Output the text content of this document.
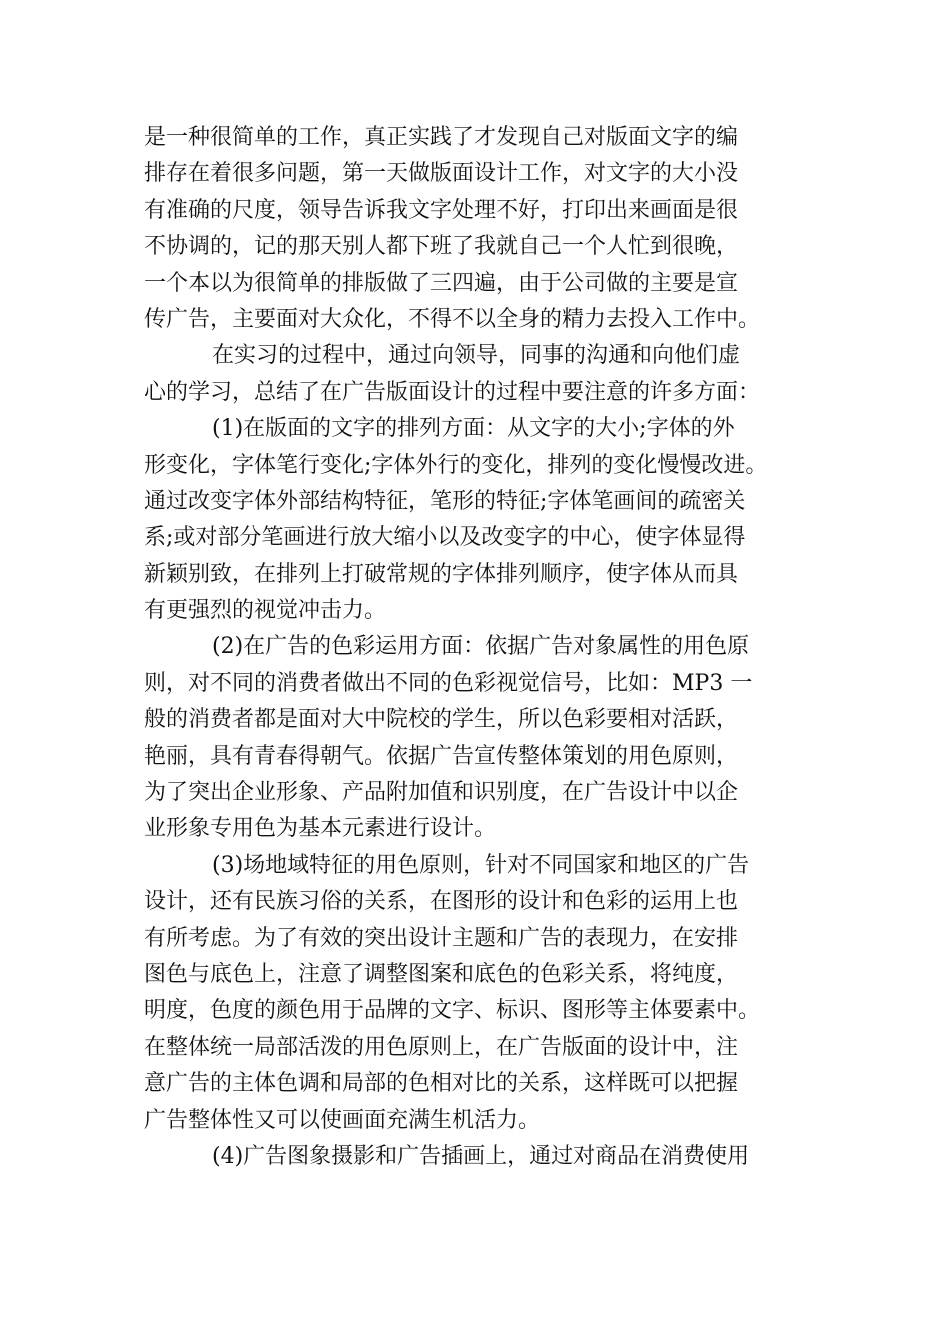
是一种很简单的工作，真正实践了才发现自己对版面文字的编
排存在着很多问题，第一天做版面设计工作，对文字的大小没
有准确的尺度，领导告诉我文字处理不好，打印出来画面是很
不协调的，记的那天别人都下班了我就自己一个人忙到很晚，
一个本以为很简单的排版做了三四遍，由于公司做的主要是宣
传广告，主要面对大众化，不得不以全身的精力去投入工作中。
在实习的过程中，通过向领导，同事的沟通和向他们虚
心的学习，总结了在广告版面设计的过程中要注意的许多方面：
(1)在版面的文字的排列方面：从文字的大小;字体的外
形变化，字体笔行变化;字体外行的变化，排列的变化慢慢改进。
通过改变字体外部结构特征，笔形的特征;字体笔画间的疏密关
系;或对部分笔画进行放大缩小以及改变字的中心，使字体显得
新颖别致，在排列上打破常规的字体排列顺序，使字体从而具
有更强烈的视觉冲击力。
(2)在广告的色彩运用方面：依据广告对象属性的用色原
则，对不同的消费者做出不同的色彩视觉信号，比如：MP3 一
般的消费者都是面对大中院校的学生，所以色彩要相对活跃，
艳丽，具有青春得朝气。依据广告宣传整体策划的用色原则，
为了突出企业形象、产品附加值和识别度，在广告设计中以企
业形象专用色为基本元素进行设计。
(3)场地域特征的用色原则，针对不同国家和地区的广告
设计，还有民族习俗的关系，在图形的设计和色彩的运用上也
有所考虑。为了有效的突出设计主题和广告的表现力，在安排
图色与底色上，注意了调整图案和底色的色彩关系，将纯度，
明度，色度的颜色用于品牌的文字、标识、图形等主体要素中。
在整体统一局部活泼的用色原则上，在广告版面的设计中，注
意广告的主体色调和局部的色相对比的关系，这样既可以把握
广告整体性又可以使画面充满生机活力。
(4)广告图象摄影和广告插画上，通过对商品在消费使用
